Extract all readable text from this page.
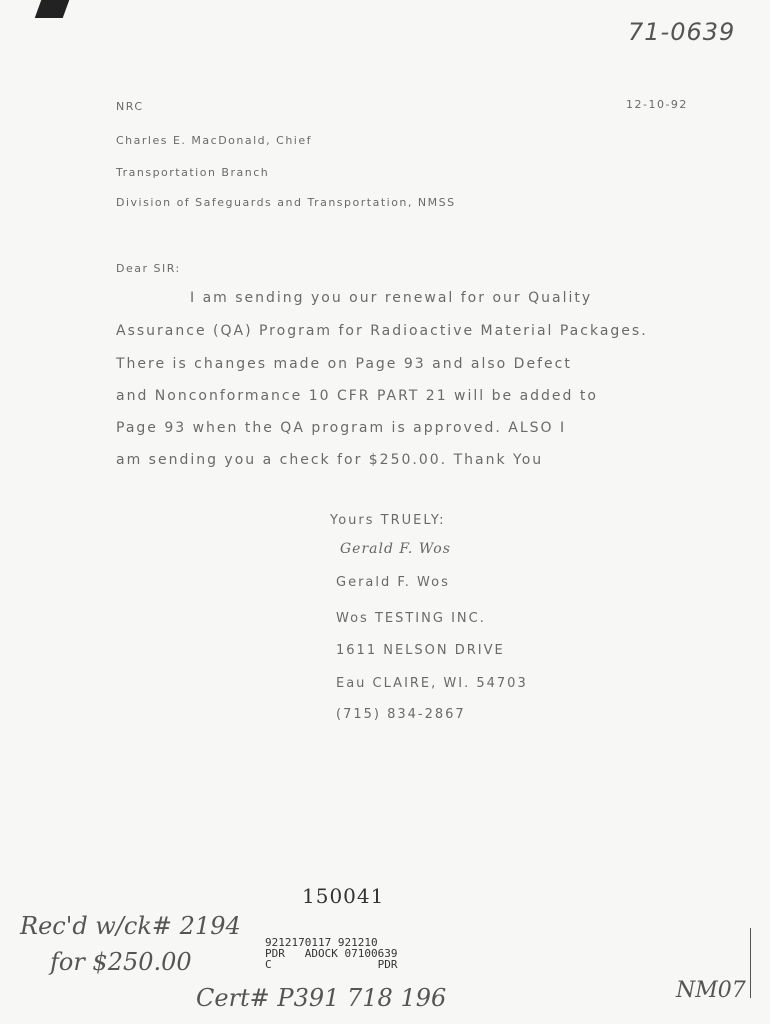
71-0639
NRC	12-10-92
Charles E. MacDonald, Chief
Transportation Branch
Division of Safeguards and Transportation, NMSS
Dear SIR:
I am sending you our renewal for our Quality
Assurance (QA) Program for Radioactive Material Packages.
There is changes made on Page 93 and also Defect
and Nonconformance 10 CFR PART 21 will be added to
Page 93 when the QA program is approved. ALSO I
am sending you a check for $250.00. Thank You
Yours TRUELY:
Gerald F. Wos
Gerald F. Wos
Wos TESTING INC.
1611 NELSON DRIVE
Eau CLAIRE, WI. 54703
(715) 834-2867
150041
9212170117 921210
PDR   ADOCK 07100639
C                PDR
Rec'd w/ck# 2194
for $250.00
Cert# P391 718 196	NM07
